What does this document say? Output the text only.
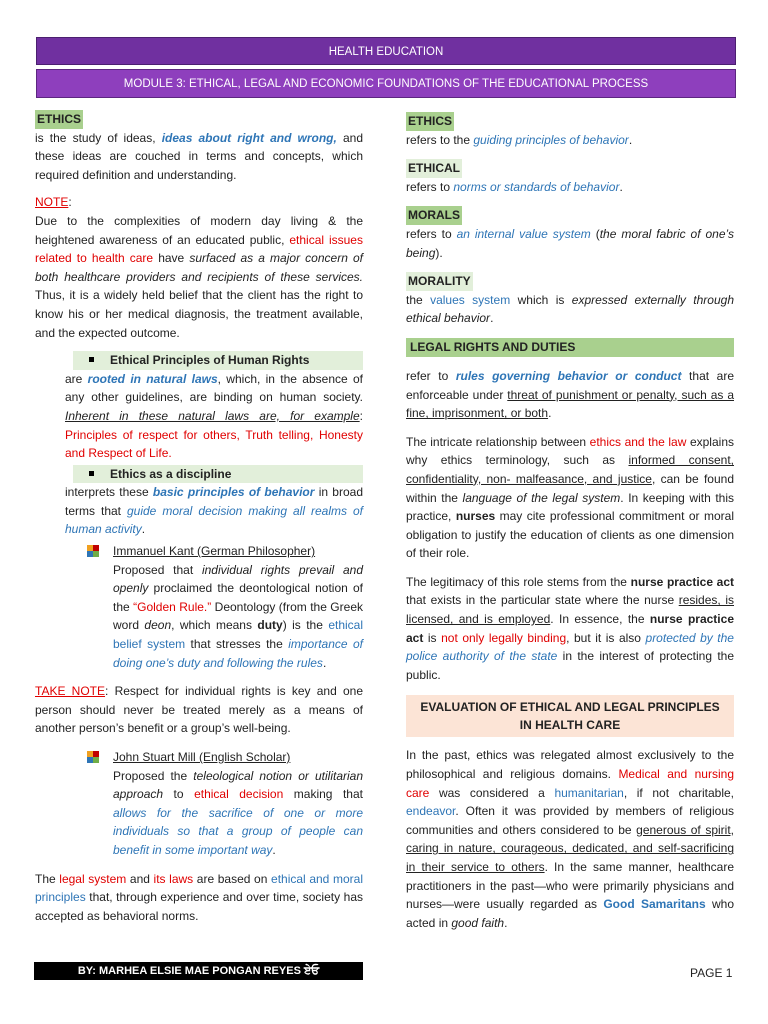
HEALTH EDUCATION
MODULE 3: ETHICAL, LEGAL AND ECONOMIC FOUNDATIONS OF THE EDUCATIONAL PROCESS
ETHICS

is the study of ideas, ideas about right and wrong, and these ideas are couched in terms and concepts, which required definition and understanding.

NOTE:

Due to the complexities of modern day living & the heightened awareness of an educated public, ethical issues related to health care have surfaced as a major concern of both healthcare providers and recipients of these services. Thus, it is a widely held belief that the client has the right to know his or her medical diagnosis, the treatment available, and the expected outcome.

Ethical Principles of Human Rights

are rooted in natural laws, which, in the absence of any other guidelines, are binding on human society. Inherent in these natural laws are, for example: Principles of respect for others, Truth telling, Honesty and Respect of Life.

Ethics as a discipline

interprets these basic principles of behavior in broad terms that guide moral decision making all realms of human activity.

Immanuel Kant (German Philosopher)

Proposed that individual rights prevail and openly proclaimed the deontological notion of the “Golden Rule.” Deontology (from the Greek word deon, which means duty) is the ethical belief system that stresses the importance of doing one’s duty and following the rules.

TAKE NOTE: Respect for individual rights is key and one person should never be treated merely as a means of another person’s benefit or a group’s well-being.

John Stuart Mill (English Scholar)

Proposed the teleological notion or utilitarian approach to ethical decision making that allows for the sacrifice of one or more individuals so that a group of people can benefit in some important way.

The legal system and its laws are based on ethical and moral principles that, through experience and over time, society has accepted as behavioral norms.

ETHICS

refers to the guiding principles of behavior.

ETHICAL

refers to norms or standards of behavior.

MORALS

refers to an internal value system (the moral fabric of one’s being).

MORALITY

the values system which is expressed externally through ethical behavior.

LEGAL RIGHTS AND DUTIES

refer to rules governing behavior or conduct that are enforceable under threat of punishment or penalty, such as a fine, imprisonment, or both.

The intricate relationship between ethics and the law explains why ethics terminology, such as informed consent, confidentiality, non- malfeasance, and justice, can be found within the language of the legal system. In keeping with this practice, nurses may cite professional commitment or moral obligation to justify the education of clients as one dimension of their role.

The legitimacy of this role stems from the nurse practice act that exists in the particular state where the nurse resides, is licensed, and is employed. In essence, the nurse practice act is not only legally binding, but it is also protected by the police authority of the state in the interest of protecting the public.

EVALUATION OF ETHICAL AND LEGAL PRINCIPLES IN HEALTH CARE

In the past, ethics was relegated almost exclusively to the philosophical and religious domains. Medical and nursing care was considered a humanitarian, if not charitable, endeavor. Often it was provided by members of religious communities and others considered to be generous of spirit, caring in nature, courageous, dedicated, and self-sacrificing in their service to others. In the same manner, healthcare practitioners in the past—who were primarily physicians and nurses—were usually regarded as Good Samaritans who acted in good faith.

BY: MARHEA ELSIE MAE PONGAN REYES ਏਓ	PAGE 1
